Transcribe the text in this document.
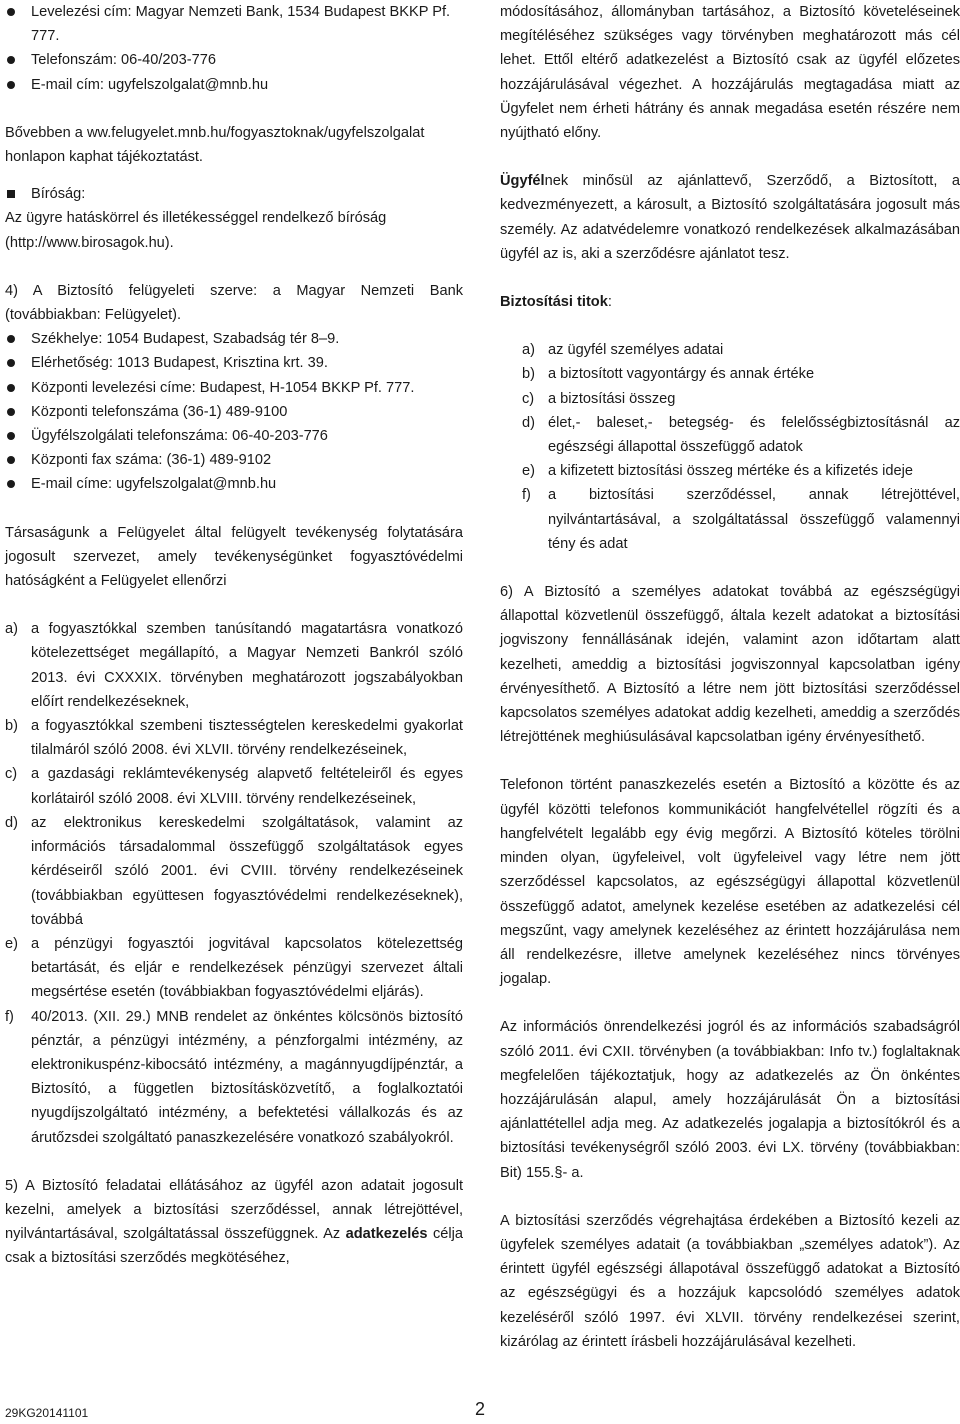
Levelezési cím: Magyar Nemzeti Bank, 1534 Budapest BKKP Pf. 777.
Telefonszám: 06-40/203-776
E-mail cím: ugyfelszolgalat@mnb.hu

Bővebben a ww.felugyelet.mnb.hu/fogyasztoknak/ugyfelszolgalat honlapon kaphat tájékoztatást.

Bíróság:

Az ügyre hatáskörrel és illetékességgel rendelkező bíróság (http://www.birosagok.hu).

4) A Biztosító felügyeleti szerve: a Magyar Nemzeti Bank (továbbiakban: Felügyelet).

Székhelye: 1054 Budapest, Szabadság tér 8–9.
Elérhetőség: 1013 Budapest, Krisztina krt. 39.
Központi levelezési címe: Budapest, H-1054 BKKP Pf. 777.
Központi telefonszáma (36-1) 489-9100
Ügyfélszolgálati telefonszáma: 06-40-203-776
Központi fax száma: (36-1) 489-9102
E-mail címe: ugyfelszolgalat@mnb.hu

Társaságunk a Felügyelet által felügyelt tevékenység folytatására jogosult szervezet, amely tevékenységünket fogyasztóvédelmi hatóságként a Felügyelet ellenőrzi

a) a fogyasztókkal szemben tanúsítandó magatartásra vonatkozó kötelezettséget megállapító, a Magyar Nemzeti Bankról szóló 2013. évi CXXXIX. törvényben meghatározott jogszabályokban előírt rendelkezéseknek,
b) a fogyasztókkal szembeni tisztességtelen kereskedelmi gyakorlat tilalmáról szóló 2008. évi XLVII. törvény rendelkezéseinek,
c) a gazdasági reklámtevékenység alapvető feltételeiről és egyes korlátairól szóló 2008. évi XLVIII. törvény rendelkezéseinek,
d) az elektronikus kereskedelmi szolgáltatások, valamint az információs társadalommal összefüggő szolgáltatások egyes kérdéseiről szóló 2001. évi CVIII. törvény rendelkezéseinek (továbbiakban együttesen fogyasztóvédelmi rendelkezéseknek), továbbá
e) a pénzügyi fogyasztói jogvitával kapcsolatos kötelezettség betartását, és eljár e rendelkezések pénzügyi szervezet általi megsértése esetén (továbbiakban fogyasztóvédelmi eljárás).
f) 40/2013. (XII. 29.) MNB rendelet az önkéntes kölcsönös biztosító pénztár, a pénzügyi intézmény, a pénzforgalmi intézmény, az elektronikuspénz-kibocsátó intézmény, a magánnyugdíjpénztár, a Biztosító, a független biztosításközvetítő, a foglalkoztatói nyugdíjszolgáltató intézmény, a befektetési vállalkozás és az árutőzsdei szolgáltató panaszkezelésére vonatkozó szabályokról.

5) A Biztosító feladatai ellátásához az ügyfél azon adatait jogosult kezelni, amelyek a biztosítási szerződéssel, annak létrejöttével, nyilvántartásával, szolgáltatással összefüggnek. Az adatkezelés célja csak a biztosítási szerződés megkötéséhez,

módosításához, állományban tartásához, a Biztosító követeléseinek megítéléséhez szükséges vagy törvényben meghatározott más cél lehet. Ettől eltérő adatkezelést a Biztosító csak az ügyfél előzetes hozzájárulásával végezhet. A hozzájárulás megtagadása miatt az Ügyfelet nem érheti hátrány és annak megadása esetén részére nem nyújtható előny.

Ügyfélnek minősül az ajánlattevő, Szerződő, a Biztosított, a kedvezményezett, a károsult, a Biztosító szolgáltatására jogosult más személy. Az adatvédelemre vonatkozó rendelkezések alkalmazásában ügyfél az is, aki a szerződésre ajánlatot tesz.

Biztosítási titok:

a) az ügyfél személyes adatai
b) a biztosított vagyontárgy és annak értéke
c) a biztosítási összeg
d) élet,- baleset,- betegség- és felelősségbiztosításnál az egészségi állapottal összefüggő adatok
e) a kifizetett biztosítási összeg mértéke és a kifizetés ideje
f) a biztosítási szerződéssel, annak létrejöttével, nyilvántartásával, a szolgáltatással összefüggő valamennyi tény és adat

6) A Biztosító a személyes adatokat továbbá az egészségügyi állapottal közvetlenül összefüggő, általa kezelt adatokat a biztosítási jogviszony fennállásának idején, valamint azon időtartam alatt kezelheti, ameddig a biztosítási jogviszonnyal kapcsolatban igény érvényesíthető. A Biztosító a létre nem jött biztosítási szerződéssel kapcsolatos személyes adatokat addig kezelheti, ameddig a szerződés létrejöttének meghiúsulásával kapcsolatban igény érvényesíthető.

Telefonon történt panaszkezelés esetén a Biztosító a közötte és az ügyfél közötti telefonos kommunikációt hangfelvétellel rögzíti és a hangfelvételt legalább egy évig megőrzi. A Biztosító köteles törölni minden olyan, ügyfeleivel, volt ügyfeleivel vagy létre nem jött szerződéssel kapcsolatos, az egészségügyi állapottal közvetlenül összefüggő adatot, amelynek kezelése esetében az adatkezelési cél megszűnt, vagy amelynek kezeléséhez az érintett hozzájárulása nem áll rendelkezésre, illetve amelynek kezeléséhez nincs törvényes jogalap.

Az információs önrendelkezési jogról és az információs szabadságról szóló 2011. évi CXII. törvényben (a továbbiakban: Info tv.) foglaltaknak megfelelően tájékoztatjuk, hogy az adatkezelés az Ön önkéntes hozzájárulásán alapul, amely hozzájárulását Ön a biztosítási ajánlattétellel adja meg. Az adatkezelés jogalapja a biztosítókról és a biztosítási tevékenységről szóló 2003. évi LX. törvény (továbbiakban: Bit) 155.§- a.

A biztosítási szerződés végrehajtása érdekében a Biztosító kezeli az ügyfelek személyes adatait (a továbbiakban „személyes adatok”). Az érintett ügyfél egészségi állapotával összefüggő adatokat a Biztosító az egészségügyi és a hozzájuk kapcsolódó személyes adatok kezeléséről szóló 1997. évi XLVII. törvény rendelkezései szerint, kizárólag az érintett írásbeli hozzájárulásával kezelheti.

29KG20141101	2
